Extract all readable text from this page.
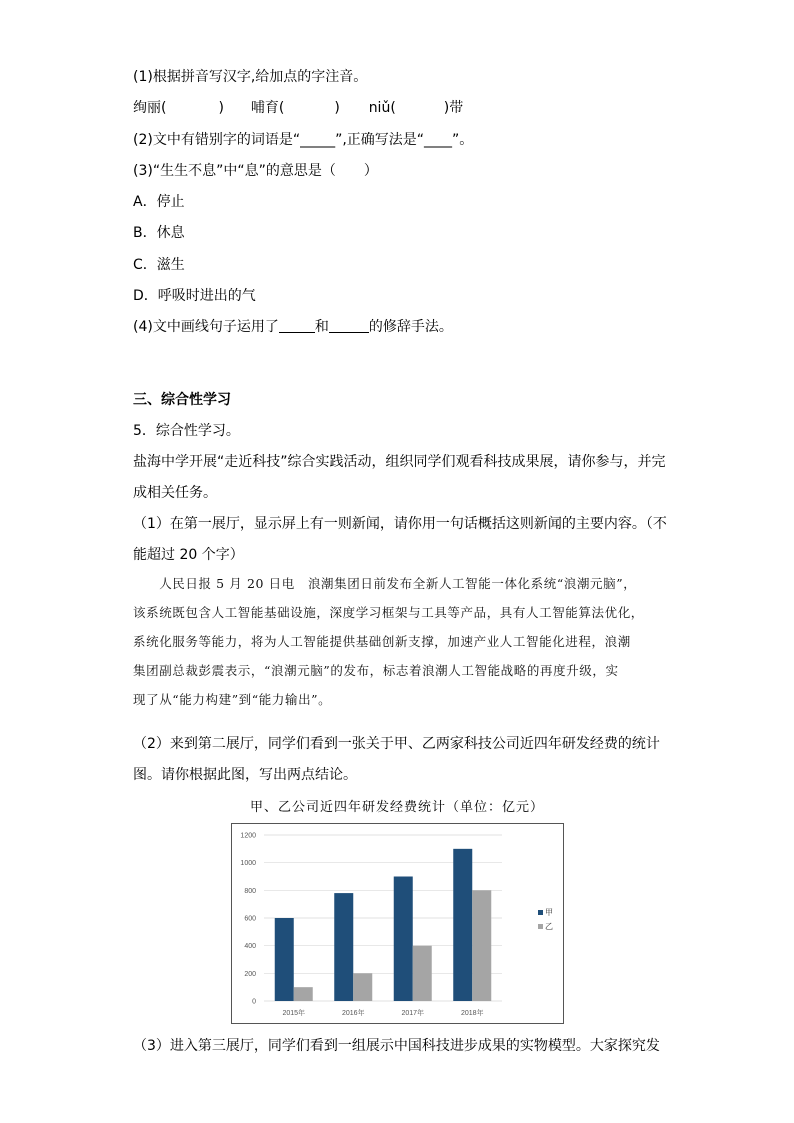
(1)根据拼音写汉字,给加点的字注音。
绚丽(	) 哺育(	) niǔ(	)带
(2)文中有错别字的词语是“_____”,正确写法是“____”。
(3)“生生不息”中“息”的意思是（　　）
A．停止
B．休息
C．滋生
D．呼吸时进出的气
(4)文中画线句子运用了	和	的修辞手法。
三、综合性学习
5．综合性学习。
盐海中学开展“走近科技”综合实践活动，组织同学们观看科技成果展，请你参与，并完
成相关任务。
（1）在第一展厅，显示屏上有一则新闻，请你用一句话概括这则新闻的主要内容。（不
能超过 20 个字）

　　人民日报 5 月 20 日电　浪潮集团日前发布全新人工智能一体化系统“浪潮元脑”，

该系统既包含人工智能基础设施，深度学习框架与工具等产品，具有人工智能算法优化，

系统化服务等能力，将为人工智能提供基础创新支撑，加速产业人工智能化进程，浪潮

集团副总裁彭震表示，“浪潮元脑”的发布，标志着浪潮人工智能战略的再度升级，实

现了从“能力构建”到“能力输出”。

（2）来到第二展厅，同学们看到一张关于甲、乙两家科技公司近四年研发经费的统计
图。请你根据此图，写出两点结论。
甲、乙公司近四年研发经费统计（单位：亿元）
0
200
400
600
800
1000
1200
2015年	2016年	2017年	2018年
甲
乙
（3）进入第三展厅，同学们看到一组展示中国科技进步成果的实物模型。大家探究发
